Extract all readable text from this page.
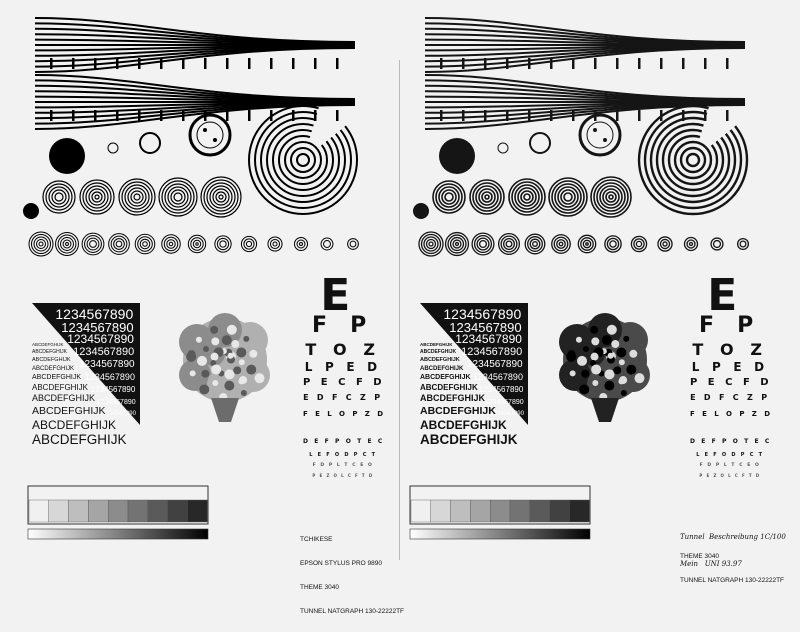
1234567890
1234567890
1234567890
1234567890
1234567890
1234567890
1234567890
1234567890
1234567890
ABCDEFGHIJK
ABCDEFGHIJK
ABCDEFGHIJK
ABCDEFGHIJK
ABCDEFGHIJK
ABCDEFGHIJK
ABCDEFGHIJK
ABCDEFGHIJK
ABCDEFGHIJK
ABCDEFGHIJK
E
F P
T O Z
L P E D
P E C F D
E D F C Z P
F E L O P Z D
D E F P O T E C
L E F O D P C T
F D P L T C E O
P E Z O L C F T D

TCHIKESE

EPSON STYLUS PRO 9890

THEME 3040

TUNNEL NATGRAPH 130-22222TF

1234567890
1234567890
1234567890
1234567890
1234567890
1234567890
1234567890
1234567890
1234567890
ABCDEFGHIJK
ABCDEFGHIJK
ABCDEFGHIJK
ABCDEFGHIJK
ABCDEFGHIJK
ABCDEFGHIJK
ABCDEFGHIJK
ABCDEFGHIJK
ABCDEFGHIJK
ABCDEFGHIJK
E
F P
T O Z
L P E D
P E C F D
E D F C Z P
F E L O P Z D
D E F P O T E C
L E F O D P C T
F D P L T C E O
P E Z O L C F T D

Tunnel  Beschreibung 1C/100

Mein   UNI 93.97

THEME 3040

TUNNEL NATGRAPH 130-22222TF
